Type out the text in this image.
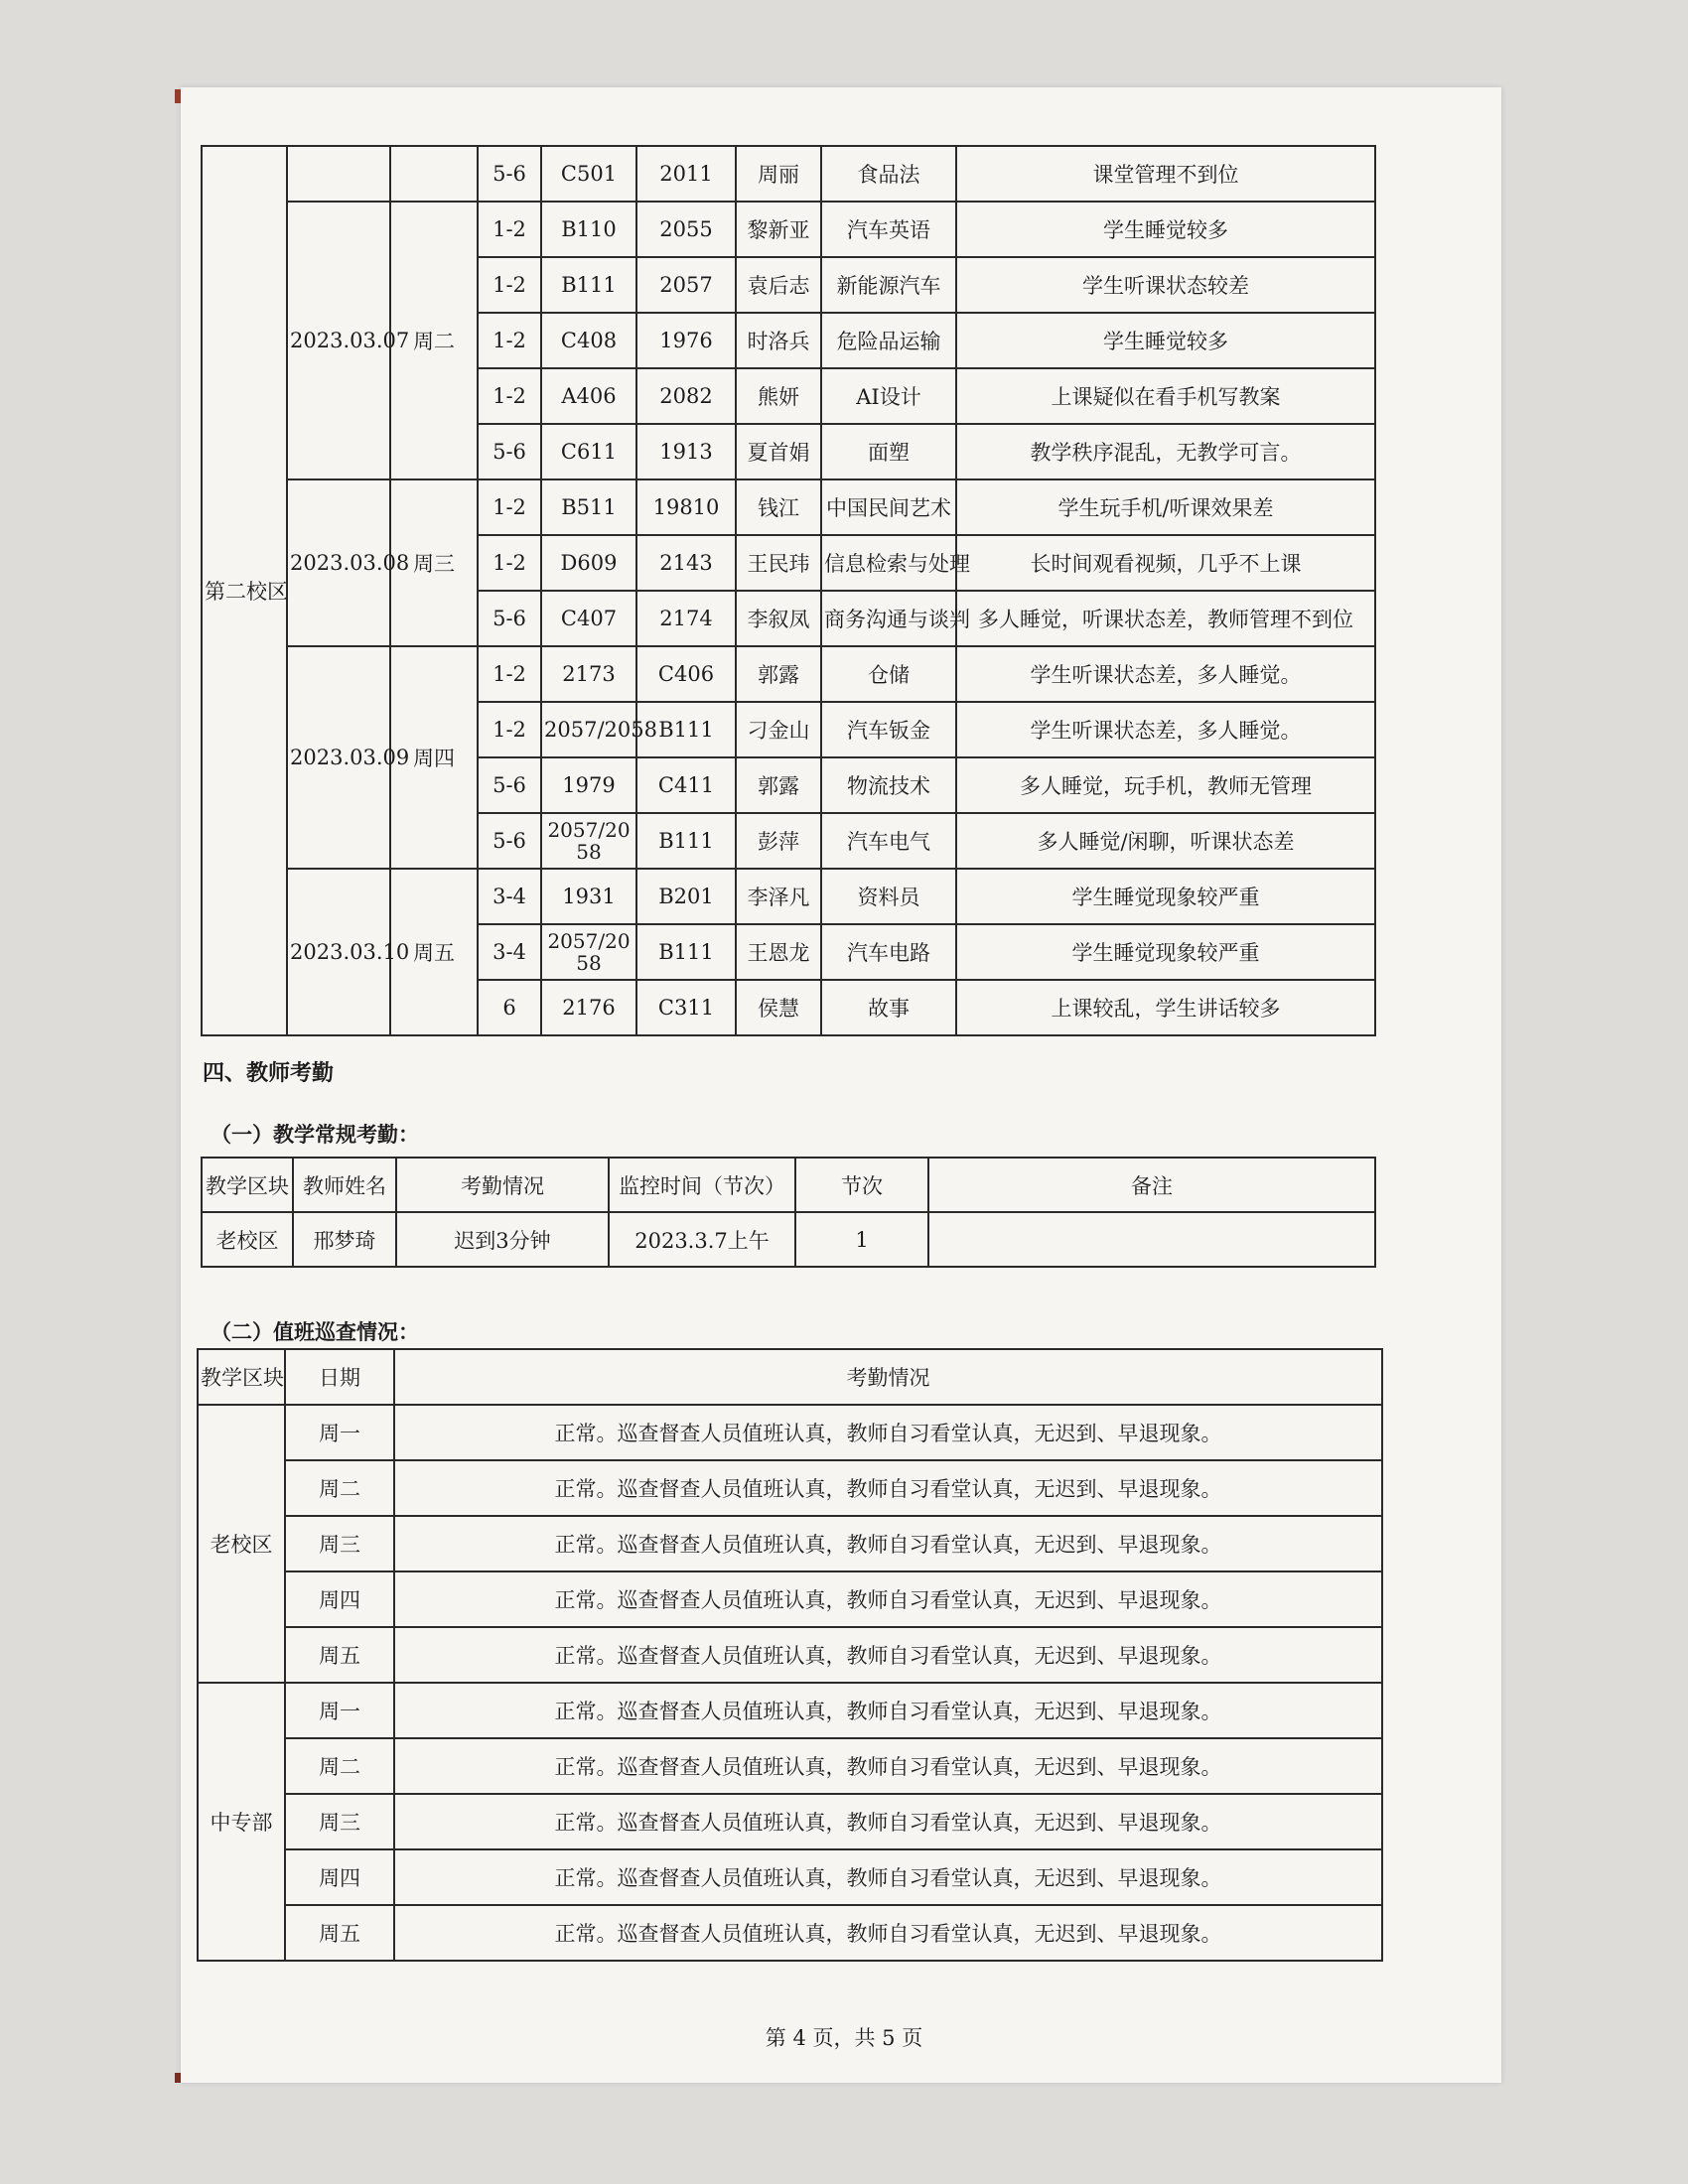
第二校区			5-6	C501	2011	周丽	食品法	课堂管理不到位
	2023.03.07	周二	1-2	B110	2055	黎新亚	汽车英语	学生睡觉较多
			1-2	B111	2057	袁后志	新能源汽车	学生听课状态较差
			1-2	C408	1976	时洛兵	危险品运输	学生睡觉较多
			1-2	A406	2082	熊妍	AI设计	上课疑似在看手机写教案
			5-6	C611	1913	夏首娟	面塑	教学秩序混乱，无教学可言。
	2023.03.08	周三	1-2	B511	19810	钱江	中国民间艺术	学生玩手机/听课效果差
			1-2	D609	2143	王民玮	信息检索与处理	长时间观看视频，几乎不上课
			5-6	C407	2174	李叙凤	商务沟通与谈判	多人睡觉，听课状态差，教师管理不到位
	2023.03.09	周四	1-2	2173	C406	郭露	仓储	学生听课状态差，多人睡觉。
			1-2	2057/2058	B111	刁金山	汽车钣金	学生听课状态差，多人睡觉。
			5-6	1979	C411	郭露	物流技术	多人睡觉，玩手机，教师无管理
			5-6	2057/2058	B111	彭萍	汽车电气	多人睡觉/闲聊，听课状态差
	2023.03.10	周五	3-4	1931	B201	李泽凡	资料员	学生睡觉现象较严重
			3-4	2057/2058	B111	王恩龙	汽车电路	学生睡觉现象较严重
			6	2176	C311	侯慧	故事	上课较乱，学生讲话较多
四、教师考勤
（一）教学常规考勤：
教学区块	教师姓名	考勤情况	监控时间（节次）	节次	备注
老校区	邢梦琦	迟到3分钟	2023.3.7上午	1	
（二）值班巡查情况：
教学区块	日期	考勤情况
老校区	周一	正常。巡查督查人员值班认真，教师自习看堂认真，无迟到、早退现象。
	周二	正常。巡查督查人员值班认真，教师自习看堂认真，无迟到、早退现象。
	周三	正常。巡查督查人员值班认真，教师自习看堂认真，无迟到、早退现象。
	周四	正常。巡查督查人员值班认真，教师自习看堂认真，无迟到、早退现象。
	周五	正常。巡查督查人员值班认真，教师自习看堂认真，无迟到、早退现象。
中专部	周一	正常。巡查督查人员值班认真，教师自习看堂认真，无迟到、早退现象。
	周二	正常。巡查督查人员值班认真，教师自习看堂认真，无迟到、早退现象。
	周三	正常。巡查督查人员值班认真，教师自习看堂认真，无迟到、早退现象。
	周四	正常。巡查督查人员值班认真，教师自习看堂认真，无迟到、早退现象。
	周五	正常。巡查督查人员值班认真，教师自习看堂认真，无迟到、早退现象。
第 4 页，共 5 页
